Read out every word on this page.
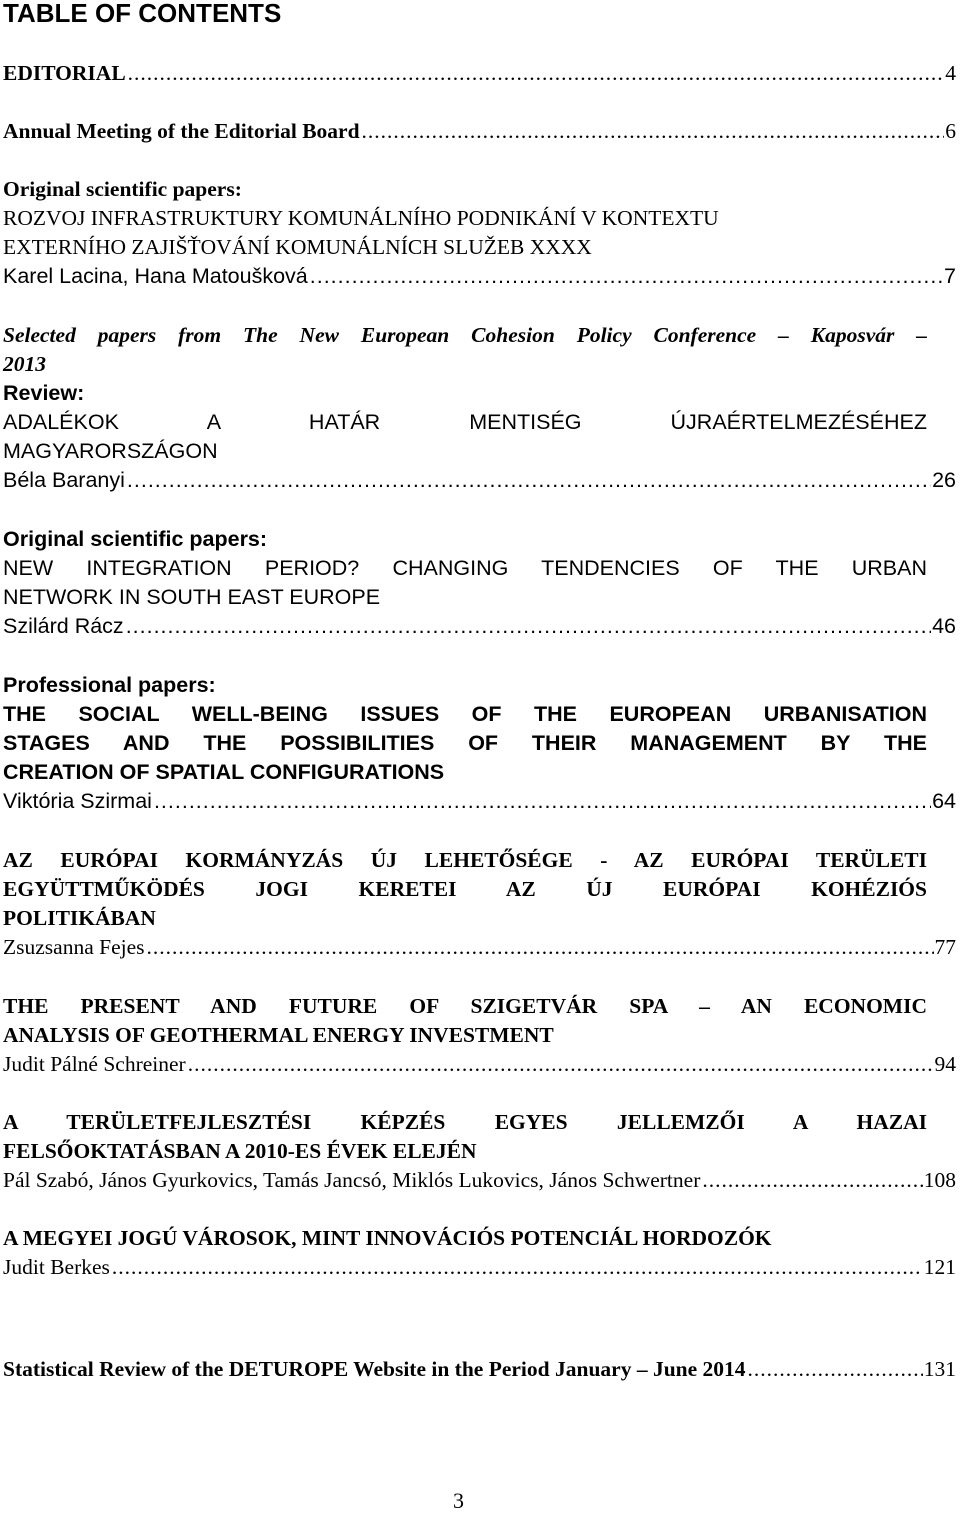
TABLE OF CONTENTS
EDITORIAL .....	4
Annual Meeting of the Editorial Board .....	6
Original scientific papers:
ROZVOJ INFRASTRUKTURY KOMUNÁLNÍHO PODNIKÁNÍ V KONTEXTU
EXTERNÍHO ZAJIŠŤOVÁNÍ KOMUNÁLNÍCH SLUŽEB XXXX
Karel Lacina, Hana Matoušková .....	7
Selected papers from The New European Cohesion Policy Conference – Kaposvár –
2013
Review:
ADALÉKOK A HATÁR MENTISÉG ÚJRAÉRTELMEZÉSÉHEZ
MAGYARORSZÁGON
Béla Baranyi .....	26
Original scientific papers:
NEW INTEGRATION PERIOD? CHANGING TENDENCIES OF THE URBAN
NETWORK IN SOUTH EAST EUROPE
Szilárd Rácz .....	46
Professional papers:
THE SOCIAL WELL-BEING ISSUES OF THE EUROPEAN URBANISATION
STAGES AND THE POSSIBILITIES OF THEIR MANAGEMENT BY THE
CREATION OF SPATIAL CONFIGURATIONS
Viktória Szirmai .....	64
AZ EURÓPAI KORMÁNYZÁS ÚJ LEHETŐSÉGE - AZ EURÓPAI TERÜLETI
EGYÜTTMŰKÖDÉS JOGI KERETEI AZ ÚJ EURÓPAI KOHÉZIÓS
POLITIKÁBAN
Zsuzsanna Fejes .....	77
THE PRESENT AND FUTURE OF SZIGETVÁR SPA – AN ECONOMIC
ANALYSIS OF GEOTHERMAL ENERGY INVESTMENT
Judit Pálné Schreiner .....	94
A TERÜLETFEJLESZTÉSI KÉPZÉS EGYES JELLEMZŐI A HAZAI
FELSŐOKTATÁSBAN A 2010-ES ÉVEK ELEJÉN
Pál Szabó, János Gyurkovics, Tamás Jancsó, Miklós Lukovics, János Schwertner .....	108
A MEGYEI JOGÚ VÁROSOK, MINT INNOVÁCIÓS POTENCIÁL HORDOZÓK
Judit Berkes .....	121
Statistical Review of the DETUROPE Website in the Period January – June 2014 .....	131
3
